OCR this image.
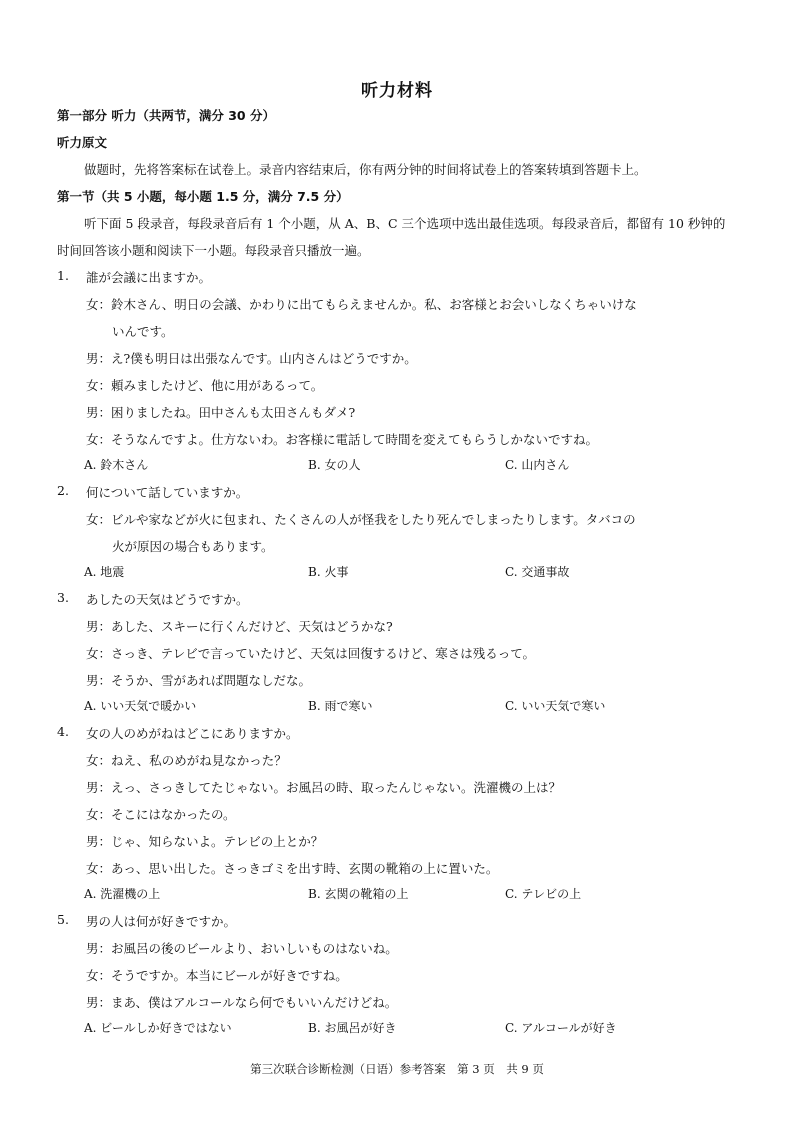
听力材料
第一部分 听力（共两节，满分 30 分）
听力原文
做题时，先将答案标在试卷上。录音内容结束后，你有两分钟的时间将试卷上的答案转填到答题卡上。
第一节（共 5 小题，每小题 1.5 分，满分 7.5 分）
听下面 5 段录音，每段录音后有 1 个小题，从 A、B、C 三个选项中选出最佳选项。每段录音后，都留有 10 秒钟的
时间回答该小题和阅读下一小题。每段录音只播放一遍。
1. 誰が会議に出ますか。
女：鈴木さん、明日の会議、かわりに出てもらえませんか。私、お客様とお会いしなくちゃいけな
いんです。
男：え?僕も明日は出張なんです。山内さんはどうですか。
女：頼みましたけど、他に用があるって。
男：困りましたね。田中さんも太田さんもダメ?
女：そうなんですよ。仕方ないわ。お客様に電話して時間を変えてもらうしかないですね。
A. 鈴木さん	B. 女の人	C. 山内さん
2. 何について話していますか。
女：ビルや家などが火に包まれ、たくさんの人が怪我をしたり死んでしまったりします。タバコの
火が原因の場合もあります。
A. 地震	B. 火事	C. 交通事故
3. あしたの天気はどうですか。
男：あした、スキーに行くんだけど、天気はどうかな?
女：さっき、テレビで言っていたけど、天気は回復するけど、寒さは残るって。
男：そうか、雪があれば問題なしだな。
A. いい天気で暖かい	B. 雨で寒い	C. いい天気で寒い
4. 女の人のめがねはどこにありますか。
女：ねえ、私のめがね見なかった？
男：えっ、さっきしてたじゃない。お風呂の時、取ったんじゃない。洗濯機の上は？
女：そこにはなかったの。
男：じゃ、知らないよ。テレビの上とか？
女：あっ、思い出した。さっきゴミを出す時、玄関の靴箱の上に置いた。
A. 洗濯機の上	B. 玄関の靴箱の上	C. テレビの上
5. 男の人は何が好きですか。
男：お風呂の後のビールより、おいしいものはないね。
女：そうですか。本当にビールが好きですね。
男：まあ、僕はアルコールなら何でもいいんだけどね。
A. ビールしか好きではない	B. お風呂が好き	C. アルコールが好き
第三次联合诊断检测（日语）参考答案　第 3 页　共 9 页
